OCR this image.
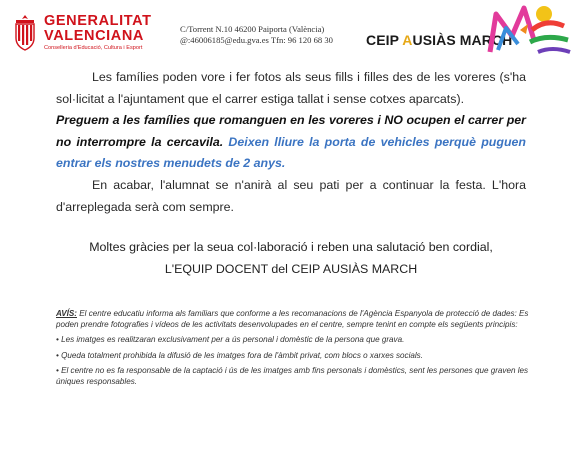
GENERALITAT
VALENCIANA
Conselleria d'Educació, Cultura i Esport
C/Torrent N.10 46200 Paiporta (València)
@:46006185@edu.gva.es Tfn: 96 120 68 30	CEIP AUSIÀS MARCH
Les famílies poden vore i fer fotos als seus fills i filles des de les voreres (s'ha sol·licitat a l'ajuntament que el carrer estiga tallat i sense cotxes aparcats).
Preguem a les famílies que romanguen en les voreres i NO ocupen el carrer per no interrompre la cercavila. Deixen lliure la porta de vehicles perquè puguen entrar els nostres menudets de 2 anys.
En acabar, l'alumnat se n'anirà al seu pati per a continuar la festa. L'hora d'arreplegada serà com sempre.
Moltes gràcies per la seua col·laboració i reben una salutació ben cordial,
L'EQUIP DOCENT del CEIP AUSIÀS MARCH
AVÍS: El centre educatiu informa als familiars que conforme a les recomanacions de l'Agència Espanyola de protecció de dades: Es poden prendre fotografies i vídeos de les activitats desenvolupades en el centre, sempre tenint en compte els següents principis:
• Les imatges es realitzaran exclusivament per a ús personal i domèstic de la persona que grava.
• Queda totalment prohibida la difusió de les imatges fora de l'àmbit privat, com blocs o xarxes socials.
• El centre no es fa responsable de la captació i ús de les imatges amb fins personals i domèstics, sent les persones que graven les úniques responsables.
